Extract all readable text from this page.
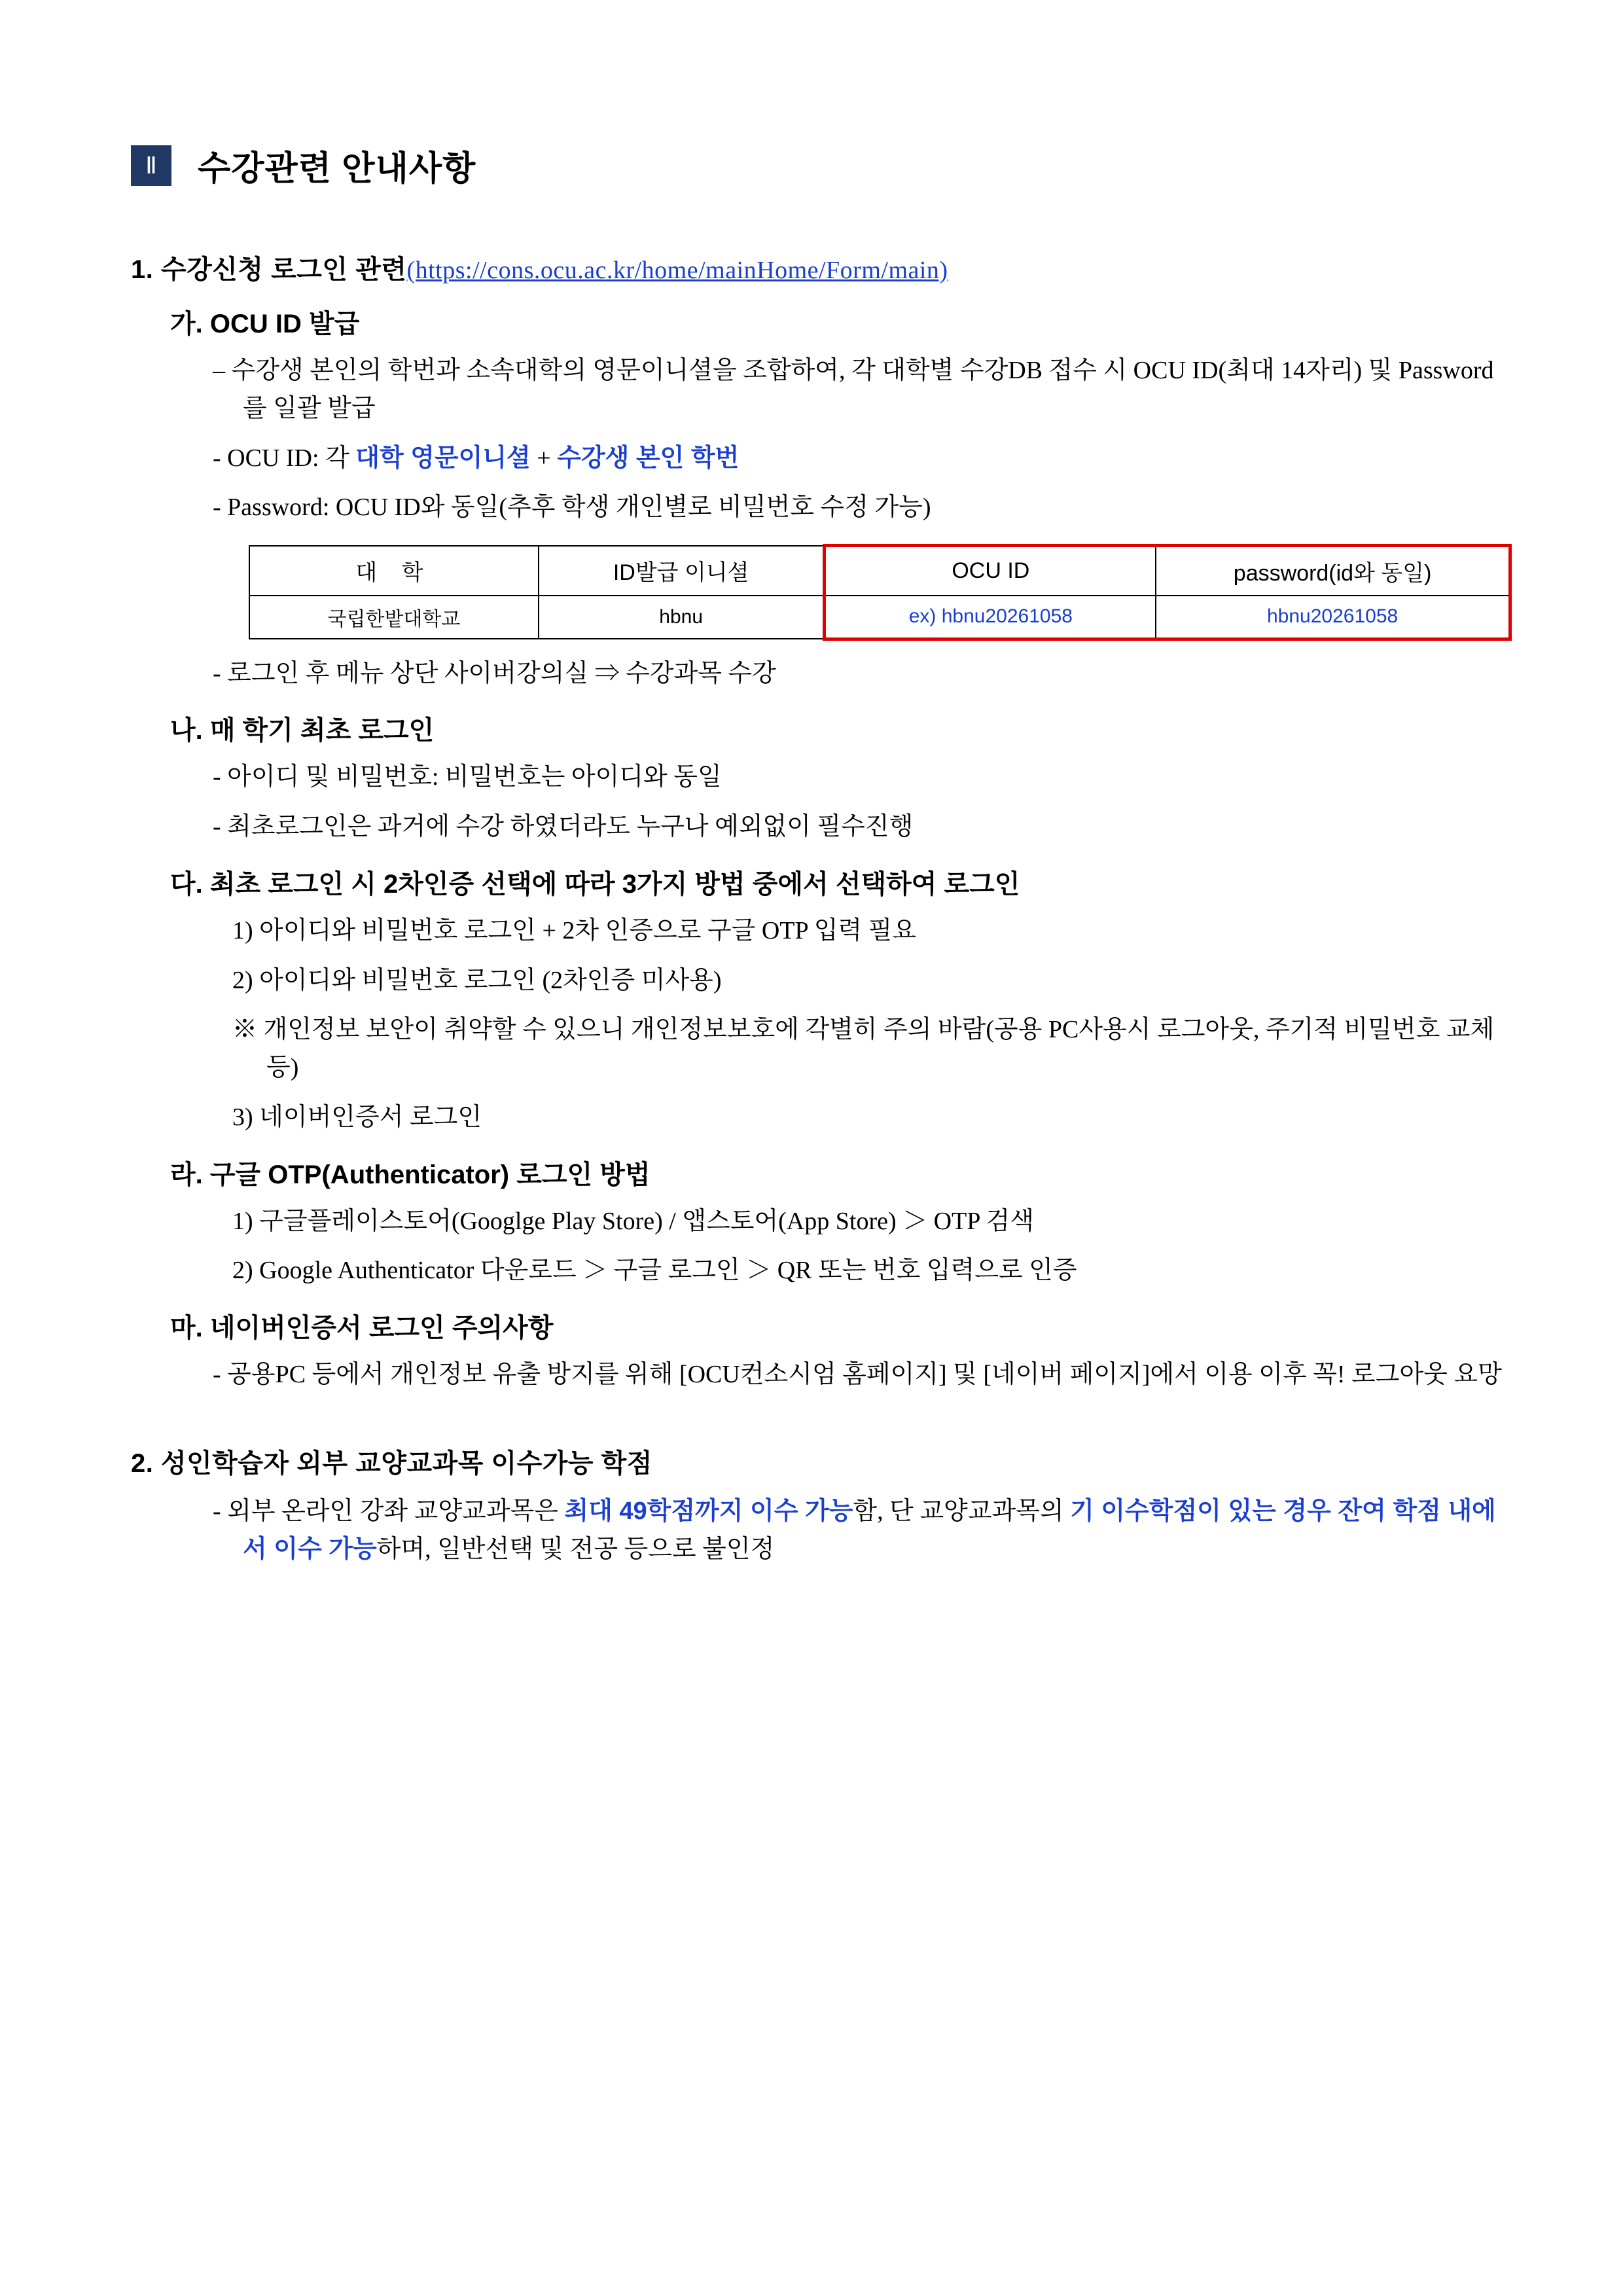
Ⅱ	수강관련 안내사항
1. 수강신청 로그인 관련(https://cons.ocu.ac.kr/home/mainHome/Form/main)
가. OCU ID 발급
– 수강생 본인의 학번과 소속대학의 영문이니셜을 조합하여, 각 대학별 수강DB 접수 시 OCU ID(최대 14자리) 및 Password를 일괄 발급
- OCU ID: 각 대학 영문이니셜 + 수강생 본인 학번
- Password: OCU ID와 동일(추후 학생 개인별로 비밀번호 수정 가능)
대 학	ID발급 이니셜	OCU ID	password(id와 동일)
국립한밭대학교	hbnu	ex) hbnu20261058	hbnu20261058
- 로그인 후 메뉴 상단 사이버강의실 ⇒ 수강과목 수강
나. 매 학기 최초 로그인
- 아이디 및 비밀번호: 비밀번호는 아이디와 동일
- 최초로그인은 과거에 수강 하였더라도 누구나 예외없이 필수진행
다. 최초 로그인 시 2차인증 선택에 따라 3가지 방법 중에서 선택하여 로그인
1) 아이디와 비밀번호 로그인 + 2차 인증으로 구글 OTP 입력 필요
2) 아이디와 비밀번호 로그인 (2차인증 미사용)
※ 개인정보 보안이 취약할 수 있으니 개인정보보호에 각별히 주의 바람(공용 PC사용시 로그아웃, 주기적 비밀번호 교체 등)
3) 네이버인증서 로그인
라. 구글 OTP(Authenticator) 로그인 방법
1) 구글플레이스토어(Googlge Play Store) / 앱스토어(App Store) ＞ OTP 검색
2) Google Authenticator 다운로드 ＞ 구글 로그인 ＞ QR 또는 번호 입력으로 인증
마. 네이버인증서 로그인 주의사항
- 공용PC 등에서 개인정보 유출 방지를 위해 [OCU컨소시엄 홈페이지] 및 [네이버 페이지]에서 이용 이후 꼭! 로그아웃 요망
2. 성인학습자 외부 교양교과목 이수가능 학점
- 외부 온라인 강좌 교양교과목은 최대 49학점까지 이수 가능함, 단 교양교과목의 기 이수학점이 있는 경우 잔여 학점 내에서 이수 가능하며, 일반선택 및 전공 등으로 불인정
